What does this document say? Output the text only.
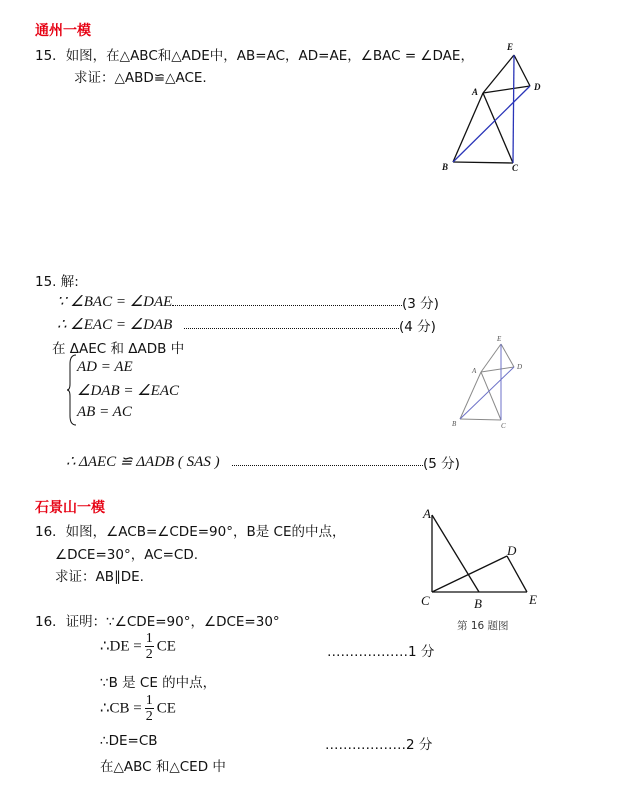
通州一模
15．如图，在△ABC和△ADE中，AB=AC，AD=AE，∠BAC = ∠DAE，
求证：△ABD≌△ACE.
E
A	D
B	C
15. 解:
∵ ∠BAC = ∠DAE	(3 分)
∴ ∠EAC = ∠DAB	(4 分)
在 ΔAEC 和 ΔADB 中
AD = AE
∠DAB = ∠EAC
AB = AC
∴ ΔAEC ≌ ΔADB ( SAS )	(5 分)
E
A	D
B	C
石景山一模
16．如图，∠ACB=∠CDE=90°，B是 CE的中点，
∠DCE=30°，AC=CD.
求证：AB∥DE.
A
D
C	B	E
第 16 题图
16．证明：∵∠CDE=90°，∠DCE=30°
∴DE = $\frac{1}{2}$ CE	………………1 分
∵B 是 CE 的中点，
∴CB = $\frac{1}{2}$ CE
∴DE=CB	………………2 分
在△ABC 和△CED 中
